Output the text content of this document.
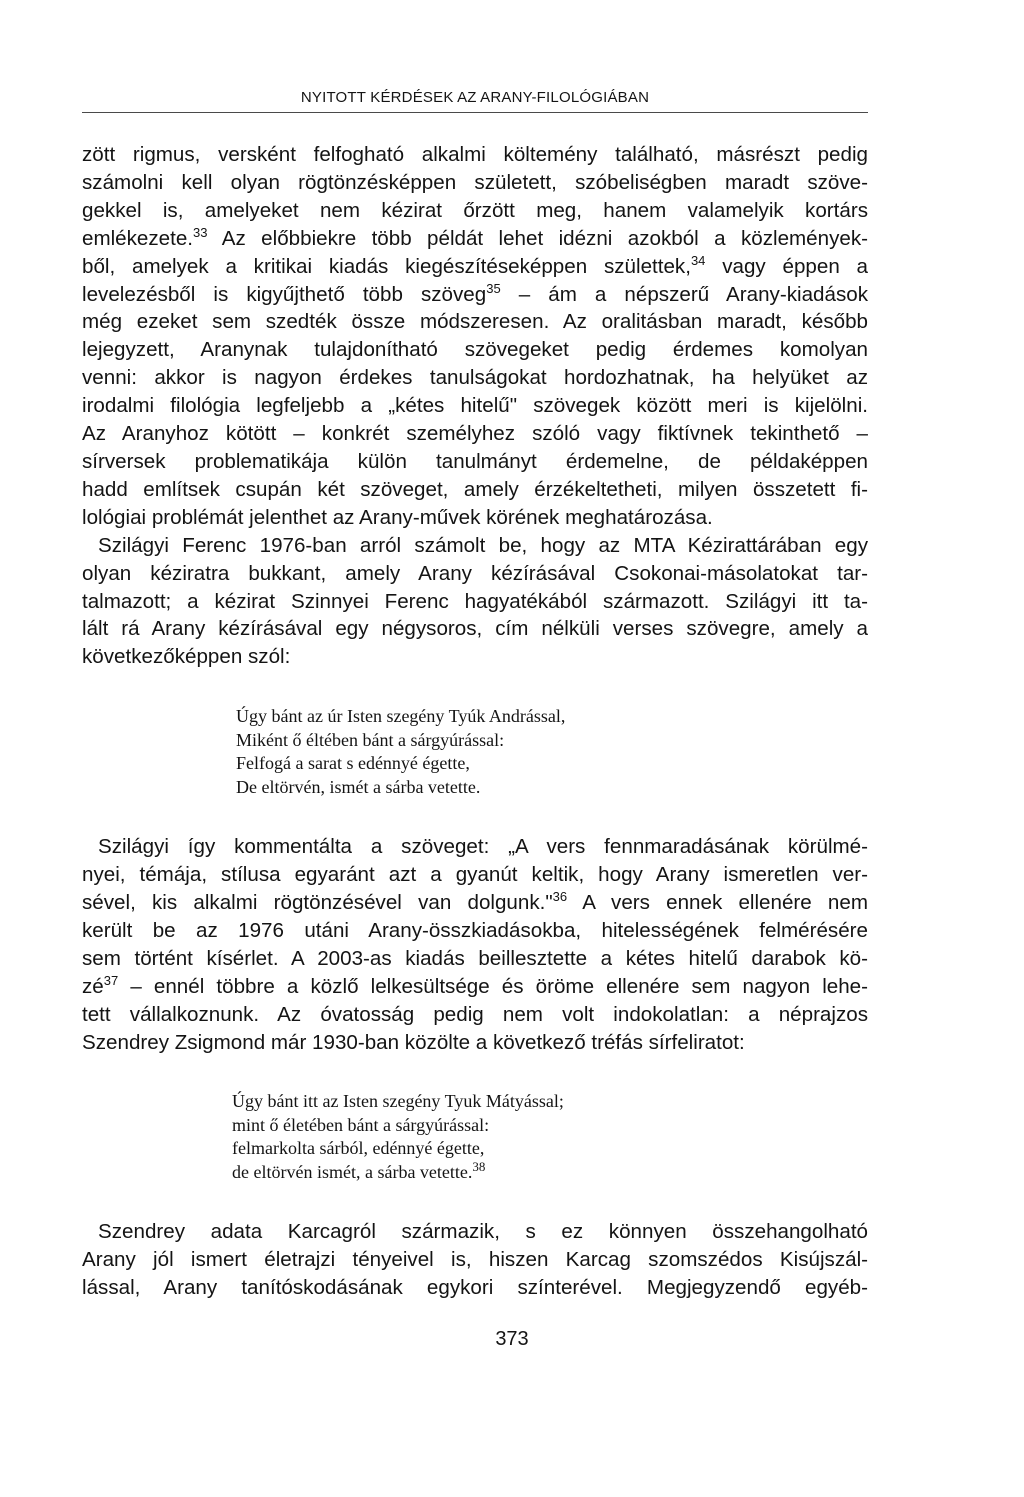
NYITOTT KÉRDÉSEK AZ ARANY-FILOLÓGIÁBAN
zött rigmus, versként felfogható alkalmi költemény található, másrészt pedig
számolni kell olyan rögtönzésképpen született, szóbeliségben maradt szöve-
gekkel is, amelyeket nem kézirat őrzött meg, hanem valamelyik kortárs
emlékezete.$^{33}$ Az előbbiekre több példát lehet idézni azokból a közlemények-
ből, amelyek a kritikai kiadás kiegészítéseképpen születtek,$^{34}$ vagy éppen a
levelezésből is kigyűjthető több szöveg$^{35}$ – ám a népszerű Arany-kiadások
még ezeket sem szedték össze módszeresen. Az oralitásban maradt, később
lejegyzett, Aranynak tulajdonítható szövegeket pedig érdemes komolyan
venni: akkor is nagyon érdekes tanulságokat hordozhatnak, ha helyüket az
irodalmi filológia legfeljebb a „kétes hitelű" szövegek között meri is kijelölni.
Az Aranyhoz kötött – konkrét személyhez szóló vagy fiktívnek tekinthető –
sírversek problematikája külön tanulmányt érdemelne, de példaképpen
hadd említsek csupán két szöveget, amely érzékeltetheti, milyen összetett fi-
lológiai problémát jelenthet az Arany-művek körének meghatározása.
Szilágyi Ferenc 1976-ban arról számolt be, hogy az MTA Kézirattárában egy
olyan kéziratra bukkant, amely Arany kézírásával Csokonai-másolatokat tar-
talmazott; a kézirat Szinnyei Ferenc hagyatékából származott. Szilágyi itt ta-
lált rá Arany kézírásával egy négysoros, cím nélküli verses szövegre, amely a
következőképpen szól:
Úgy bánt az úr Isten szegény Tyúk Andrással,
Miként ő éltében bánt a sárgyúrással:
Felfogá a sarat s edénnyé égette,
De eltörvén, ismét a sárba vetette.
Szilágyi így kommentálta a szöveget: „A vers fennmaradásának körülmé-
nyei, témája, stílusa egyaránt azt a gyanút keltik, hogy Arany ismeretlen ver-
sével, kis alkalmi rögtönzésével van dolgunk."$^{36}$ A vers ennek ellenére nem
került be az 1976 utáni Arany-összkiadásokba, hitelességének felmérésére
sem történt kísérlet. A 2003-as kiadás beillesztette a kétes hitelű darabok kö-
$zé^{37}$ – ennél többre a közlő lelkesültsége és öröme ellenére sem nagyon lehe-
tett vállalkoznunk. Az óvatosság pedig nem volt indokolatlan: a néprajzos
Szendrey Zsigmond már 1930-ban közölte a következő tréfás sírfeliratot:
Úgy bánt itt az Isten szegény Tyuk Mátyással;
mint ő életében bánt a sárgyúrással:
felmarkolta sárból, edénnyé égette,
de eltörvén ismét, a sárba vetette.$^{38}$
Szendrey adata Karcagról származik, s ez könnyen összehangolható
Arany jól ismert életrajzi tényeivel is, hiszen Karcag szomszédos Kisújszál-
lással, Arany tanítóskodásának egykori színterével. Megjegyzendő egyéb-
373
